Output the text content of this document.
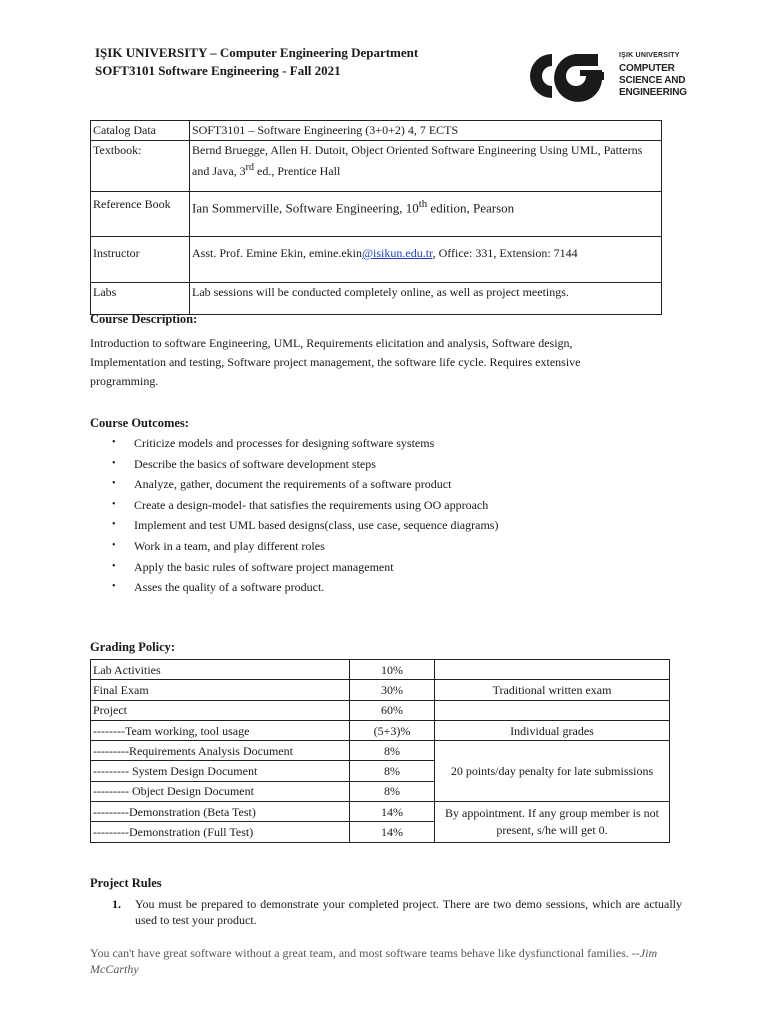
IŞIK UNIVERSITY – Computer Engineering Department
SOFT3101 Software Engineering - Fall 2021
IŞIK UNIVERSITY
COMPUTER
SCIENCE AND
ENGINEERING
Catalog Data	SOFT3101 – Software Engineering (3+0+2) 4, 7 ECTS
Textbook:	Bernd Bruegge, Allen H. Dutoit, Object Oriented Software Engineering Using UML, Patterns and Java, 3rd ed., Prentice Hall
Reference Book	Ian Sommerville, Software Engineering, 10th edition, Pearson
Instructor	Asst. Prof. Emine Ekin, emine.ekin@isikun.edu.tr, Office: 331, Extension: 7144
Labs	Lab sessions will be conducted completely online, as well as project meetings.
Course Description:
Introduction to software Engineering, UML, Requirements elicitation and analysis, Software design, Implementation and testing, Software project management, the software life cycle. Requires extensive programming.
Course Outcomes:
• Criticize models and processes for designing software systems
• Describe the basics of software development steps
• Analyze, gather, document the requirements of a software product
• Create a design-model- that satisfies the requirements using OO approach
• Implement and test UML based designs(class, use case, sequence diagrams)
• Work in a team, and play different roles
• Apply the basic rules of software project management
• Asses the quality of a software product.
Grading Policy:
Lab Activities	10%	
Final Exam	30%	Traditional written exam
Project	60%	
--------Team working, tool usage	(5+3)%	Individual grades
---------Requirements Analysis Document	8%	20 points/day penalty for late submissions
--------- System Design Document	8%	
--------- Object Design Document	8%	
---------Demonstration (Beta Test)	14%	By appointment. If any group member is not present, s/he will get 0.
---------Demonstration (Full Test)	14%	
Project Rules
1. You must be prepared to demonstrate your completed project. There are two demo sessions, which are actually used to test your product.
You can't have great software without a great team, and most software teams behave like dysfunctional families. --Jim McCarthy
